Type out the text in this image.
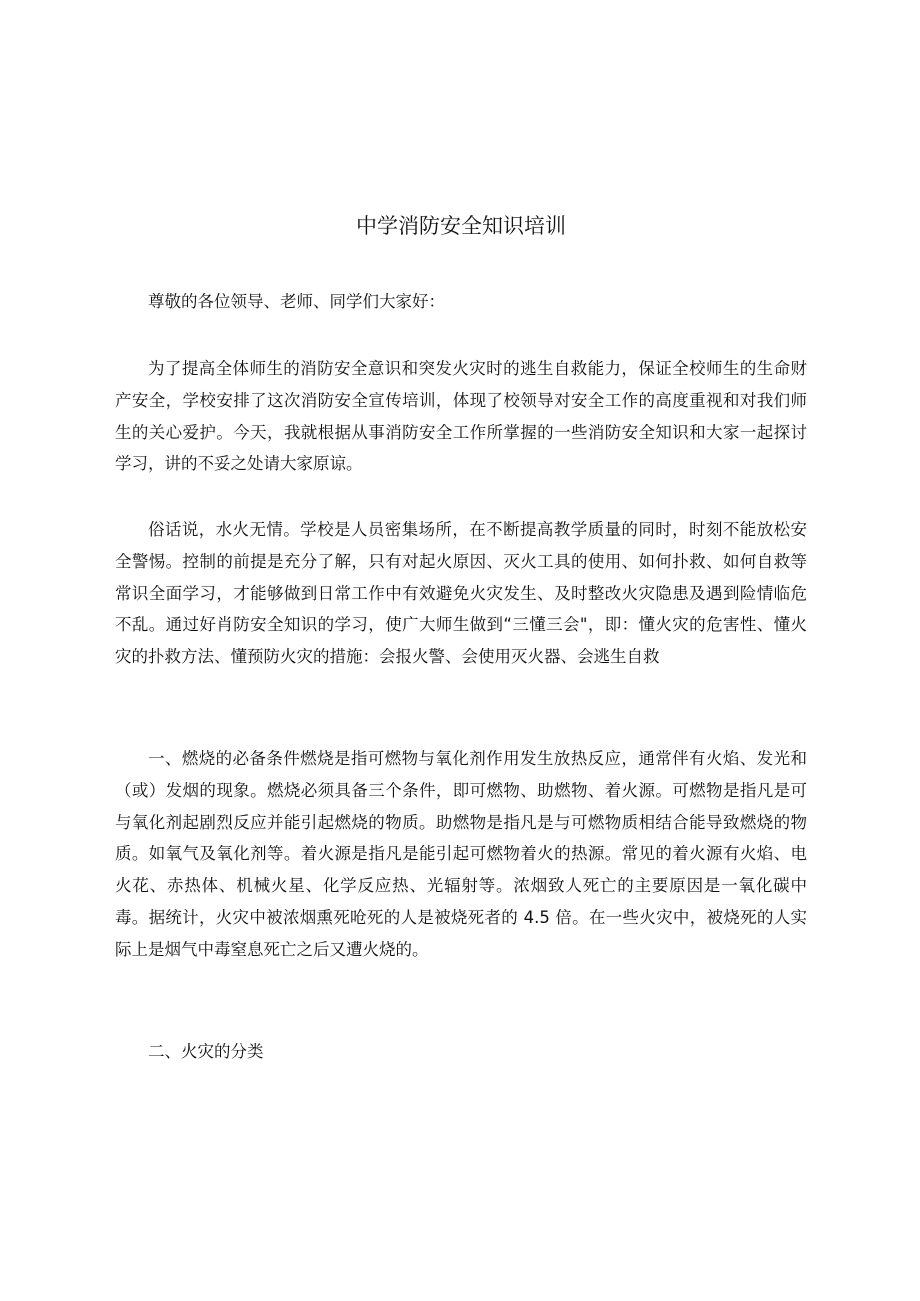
中学消防安全知识培训

尊敬的各位领导、老师、同学们大家好：

为了提高全体师生的消防安全意识和突发火灾时的逃生自救能力，保证全校师生的生命财产安全，学校安排了这次消防安全宣传培训，体现了校领导对安全工作的高度重视和对我们师生的关心爱护。今天，我就根据从事消防安全工作所掌握的一些消防安全知识和大家一起探讨学习，讲的不妥之处请大家原谅。

俗话说，水火无情。学校是人员密集场所，在不断提高教学质量的同时，时刻不能放松安全警惕。控制的前提是充分了解，只有对起火原因、灭火工具的使用、如何扑救、如何自救等常识全面学习，才能够做到日常工作中有效避免火灾发生、及时整改火灾隐患及遇到险情临危不乱。通过好肖防安全知识的学习，使广大师生做到“三懂三会"，即：懂火灾的危害性、懂火灾的扑救方法、懂预防火灾的措施：会报火警、会使用灭火器、会逃生自救

一、燃烧的必备条件燃烧是指可燃物与氧化剂作用发生放热反应，通常伴有火焰、发光和（或）发烟的现象。燃烧必须具备三个条件，即可燃物、助燃物、着火源。可燃物是指凡是可与氧化剂起剧烈反应并能引起燃烧的物质。助燃物是指凡是与可燃物质相结合能导致燃烧的物质。如氧气及氧化剂等。着火源是指凡是能引起可燃物着火的热源。常见的着火源有火焰、电火花、赤热体、机械火星、化学反应热、光辐射等。浓烟致人死亡的主要原因是一氧化碳中毒。据统计，火灾中被浓烟熏死呛死的人是被烧死者的 4.5 倍。在一些火灾中，被烧死的人实际上是烟气中毒窒息死亡之后又遭火烧的。

二、火灾的分类
